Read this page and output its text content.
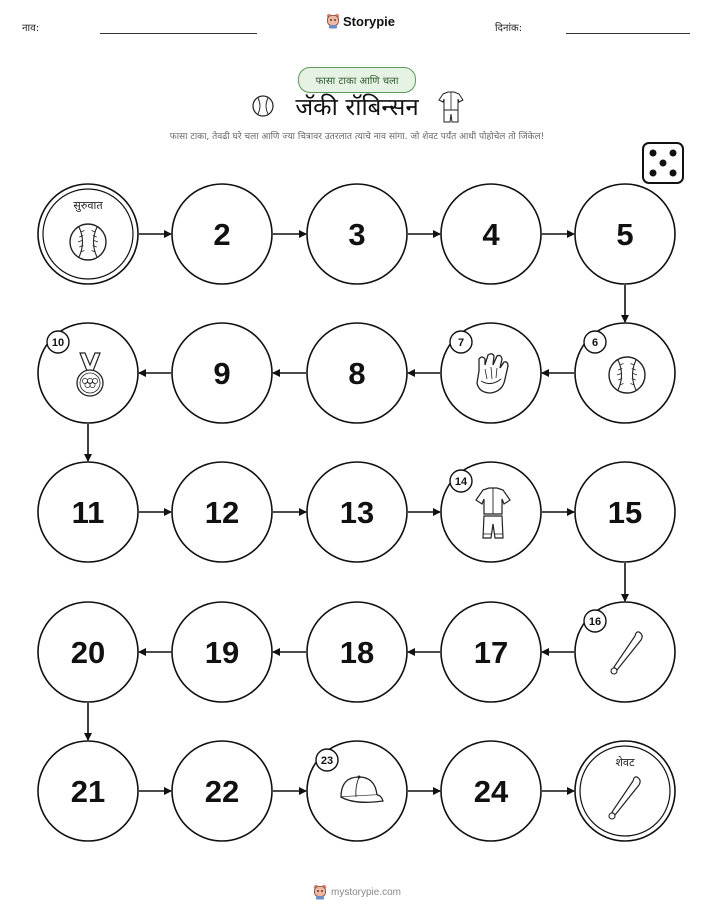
नाव:	Storypie	दिनांक:
फासा टाका आणि चला
जॅकी रॉबिन्सन
फासा टाका, तेवढी घरे चला आणि ज्या चित्रावर उतरलात त्याचे नाव सांगा. जो शेवट पर्यंत आधी पोहोचेल तो जिंकेल!
सुरुवात
2	3	4	5
6
7
8
9
10
11	12	13
14
15
16
17
18
19
20
21	22
23
24
शेवट
mystorypie.com
